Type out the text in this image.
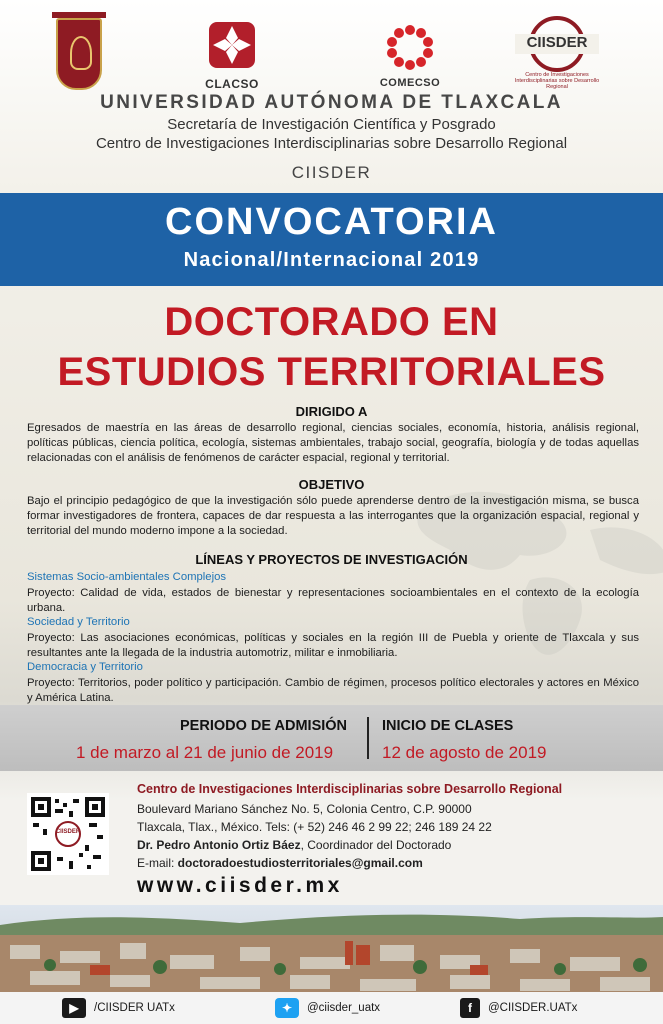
CLACSO	COMECSO
CIISDER
Centro de Investigaciones Interdisciplinarias sobre Desarrollo Regional
UNIVERSIDAD AUTÓNOMA DE TLAXCALA
Secretaría de Investigación Científica y Posgrado
Centro de Investigaciones Interdisciplinarias sobre Desarrollo Regional
CIISDER
CONVOCATORIA
Nacional/Internacional 2019
DOCTORADO EN
ESTUDIOS TERRITORIALES
DIRIGIDO A
Egresados de maestría en las áreas de desarrollo regional, ciencias sociales, economía, historia, análisis regional, políticas públicas, ciencia política, ecología, sistemas ambientales, trabajo social, geografía, biología y de todas aquellas relacionadas con el análisis de fenómenos de carácter espacial, regional y territorial.
OBJETIVO
Bajo el principio pedagógico de que la investigación sólo puede aprenderse dentro de la investigación misma, se busca formar investigadores de frontera, capaces de dar respuesta a las interrogantes que la organización espacial, regional y territorial del mundo moderno impone a la sociedad.
LÍNEAS Y PROYECTOS DE INVESTIGACIÓN
Sistemas Socio-ambientales Complejos
Proyecto: Calidad de vida, estados de bienestar y representaciones socioambientales en el contexto de la ecología urbana.
Sociedad y Territorio
Proyecto: Las asociaciones económicas, políticas y sociales en la región III de Puebla y oriente de Tlaxcala y sus resultantes ante la llegada de la industria automotriz, militar e inmobiliaria.
Democracia y Territorio
Proyecto: Territorios, poder político y participación. Cambio de régimen, procesos político electorales y actores en México y América Latina.
PERIODO DE ADMISIÓN
1 de marzo al 21 de junio de 2019
INICIO DE CLASES
12 de agosto de 2019
CIISDER
Centro de Investigaciones Interdisciplinarias sobre Desarrollo Regional
Boulevard Mariano Sánchez No. 5, Colonia Centro, C.P. 90000
Tlaxcala, Tlax., México. Tels: (+ 52) 246 46 2 99 22; 246 189 24 22
Dr. Pedro Antonio Ortiz Báez, Coordinador del Doctorado
E-mail: doctoradoestudiosterritoriales@gmail.com
www.ciisder.mx
▶	/CIISDER UATx	✦	@ciisder_uatx	f	@CIISDER.UATx
